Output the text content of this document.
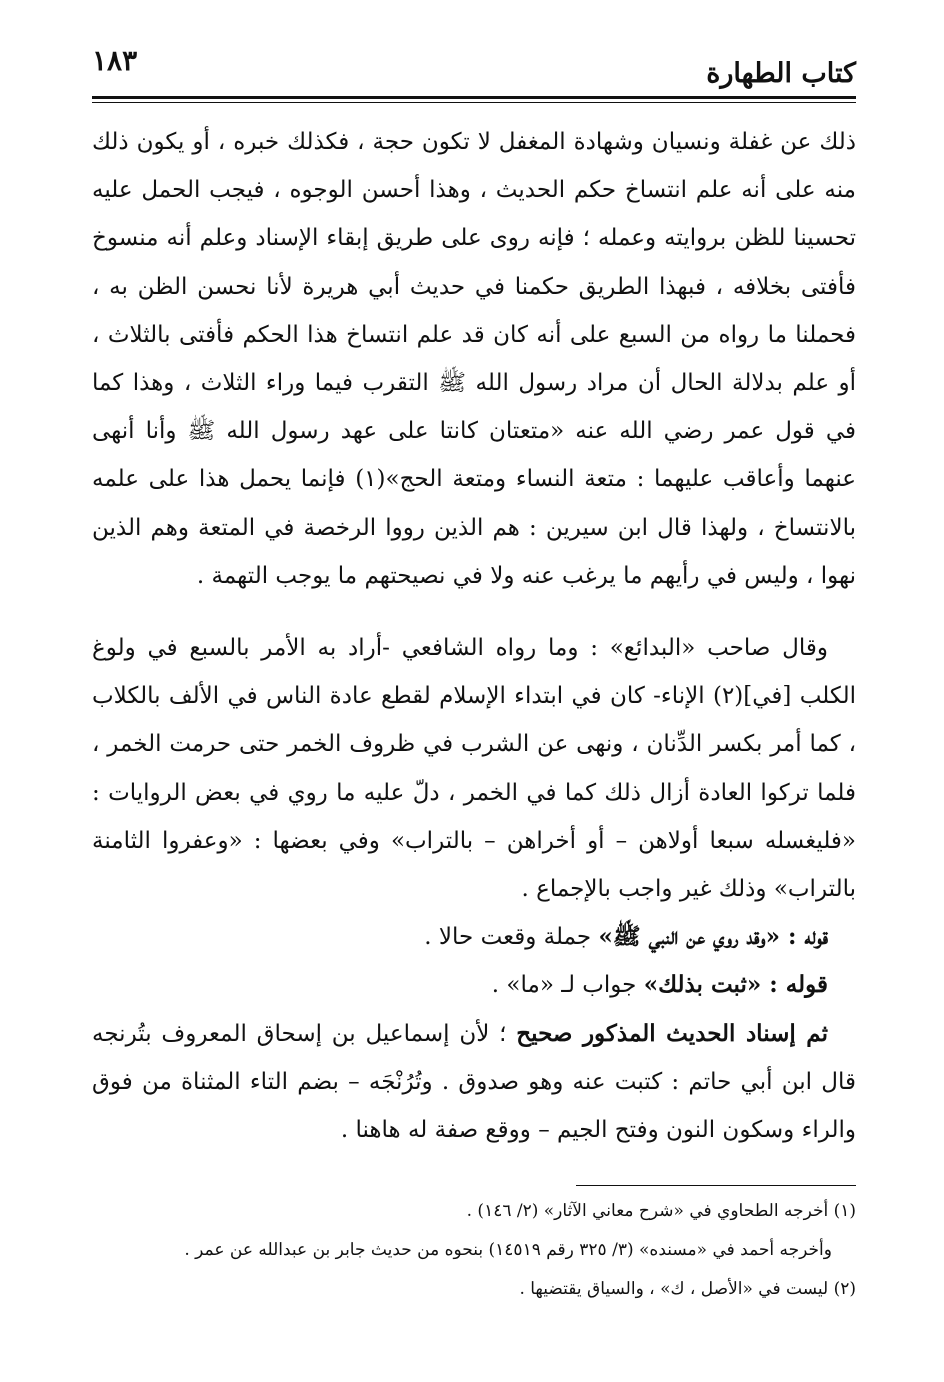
كتاب الطهارة
١٨٣

ذلك عن غفلة ونسيان وشهادة المغفل لا تكون حجة ، فكذلك خبره ، أو يكون ذلك منه على أنه علم انتساخ حكم الحديث ، وهذا أحسن الوجوه ، فيجب الحمل عليه تحسينا للظن بروايته وعمله ؛ فإنه روى على طريق إبقاء الإسناد وعلم أنه منسوخ فأفتى بخلافه ، فبهذا الطريق حكمنا في حديث أبي هريرة لأنا نحسن الظن به ، فحملنا ما رواه من السبع على أنه كان قد علم انتساخ هذا الحكم فأفتى بالثلاث ، أو علم بدلالة الحال أن مراد رسول الله ﷺ التقرب فيما وراء الثلاث ، وهذا كما في قول عمر رضي الله عنه «متعتان كانتا على عهد رسول الله ﷺ وأنا أنهى عنهما وأعاقب عليهما : متعة النساء ومتعة الحج»(١) فإنما يحمل هذا على علمه بالانتساخ ، ولهذا قال ابن سيرين : هم الذين رووا الرخصة في المتعة وهم الذين نهوا ، وليس في رأيهم ما يرغب عنه ولا في نصيحتهم ما يوجب التهمة .

وقال صاحب «البدائع» : وما رواه الشافعي -أراد به الأمر بالسبع في ولوغ الكلب [في](٢) الإناء- كان في ابتداء الإسلام لقطع عادة الناس في الألف بالكلاب ، كما أمر بكسر الدِّنان ، ونهى عن الشرب في ظروف الخمر حتى حرمت الخمر ، فلما تركوا العادة أزال ذلك كما في الخمر ، دلّ عليه ما روي في بعض الروايات : «فليغسله سبعا أولاهن – أو أخراهن – بالتراب» وفي بعضها : «وعفروا الثامنة بالتراب» وذلك غير واجب بالإجماع .

قوله : «وقد روي عن النبي ﷺ» جملة وقعت حالا .

قوله : «ثبت بذلك» جواب لـ «ما» .

ثم إسناد الحديث المذكور صحيح ؛ لأن إسماعيل بن إسحاق المعروف بتُرنجه قال ابن أبي حاتم : كتبت عنه وهو صدوق . وتُرُنْجَه – بضم التاء المثناة من فوق والراء وسكون النون وفتح الجيم – ووقع صفة له هاهنا .

(١) أخرجه الطحاوي في «شرح معاني الآثار» (٢/ ١٤٦) .

وأخرجه أحمد في «مسنده» (٣/ ٣٢٥ رقم ١٤٥١٩) بنحوه من حديث جابر بن عبدالله عن عمر .

(٢) ليست في «الأصل ، ك» ، والسياق يقتضيها .
